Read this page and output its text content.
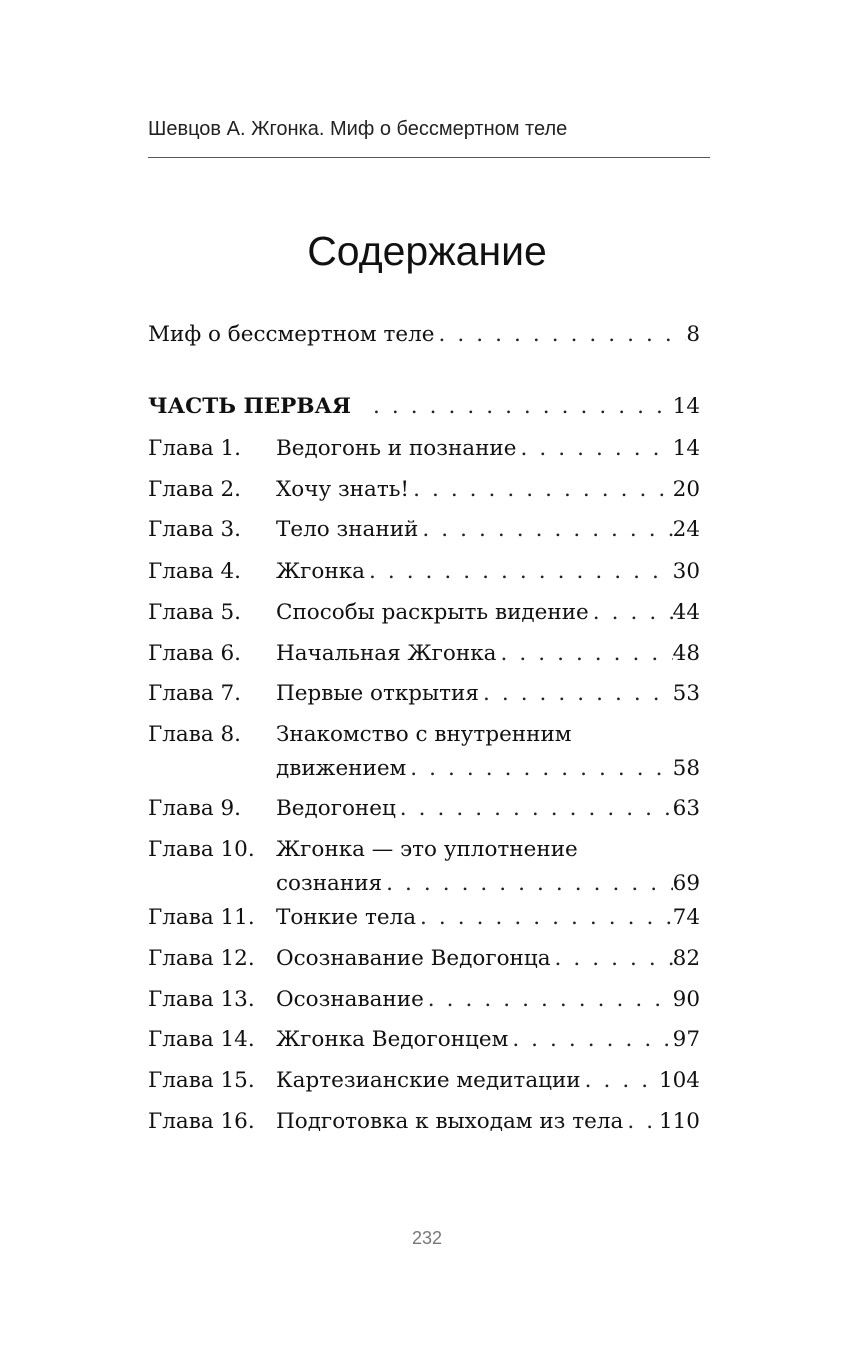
Шевцов А. Жгонка. Миф о бессмертном теле
Содержание
Миф о бессмертном теле . . .	8
ЧАСТЬ ПЕРВАЯ . . .	14
Глава 1. Ведогонь и познание . . .	14
Глава 2. Хочу знать! . . .	20
Глава 3. Тело знаний . . .	24
Глава 4. Жгонка . . .	30
Глава 5. Способы раскрыть видение . . .	44
Глава 6. Начальная Жгонка . . .	48
Глава 7. Первые открытия . . .	53
Глава 8. Знакомство с внутренним
движением . . .	58
Глава 9. Ведогонец . . .	63
Глава 10. Жгонка — это уплотнение
сознания . . .	69
Глава 11. Тонкие тела . . .	74
Глава 12. Осознавание Ведогонца . . .	82
Глава 13. Осознавание . . .	90
Глава 14. Жгонка Ведогонцем . . .	97
Глава 15. Картезианские медитации . . .	104
Глава 16. Подготовка к выходам из тела . . . 110
232
